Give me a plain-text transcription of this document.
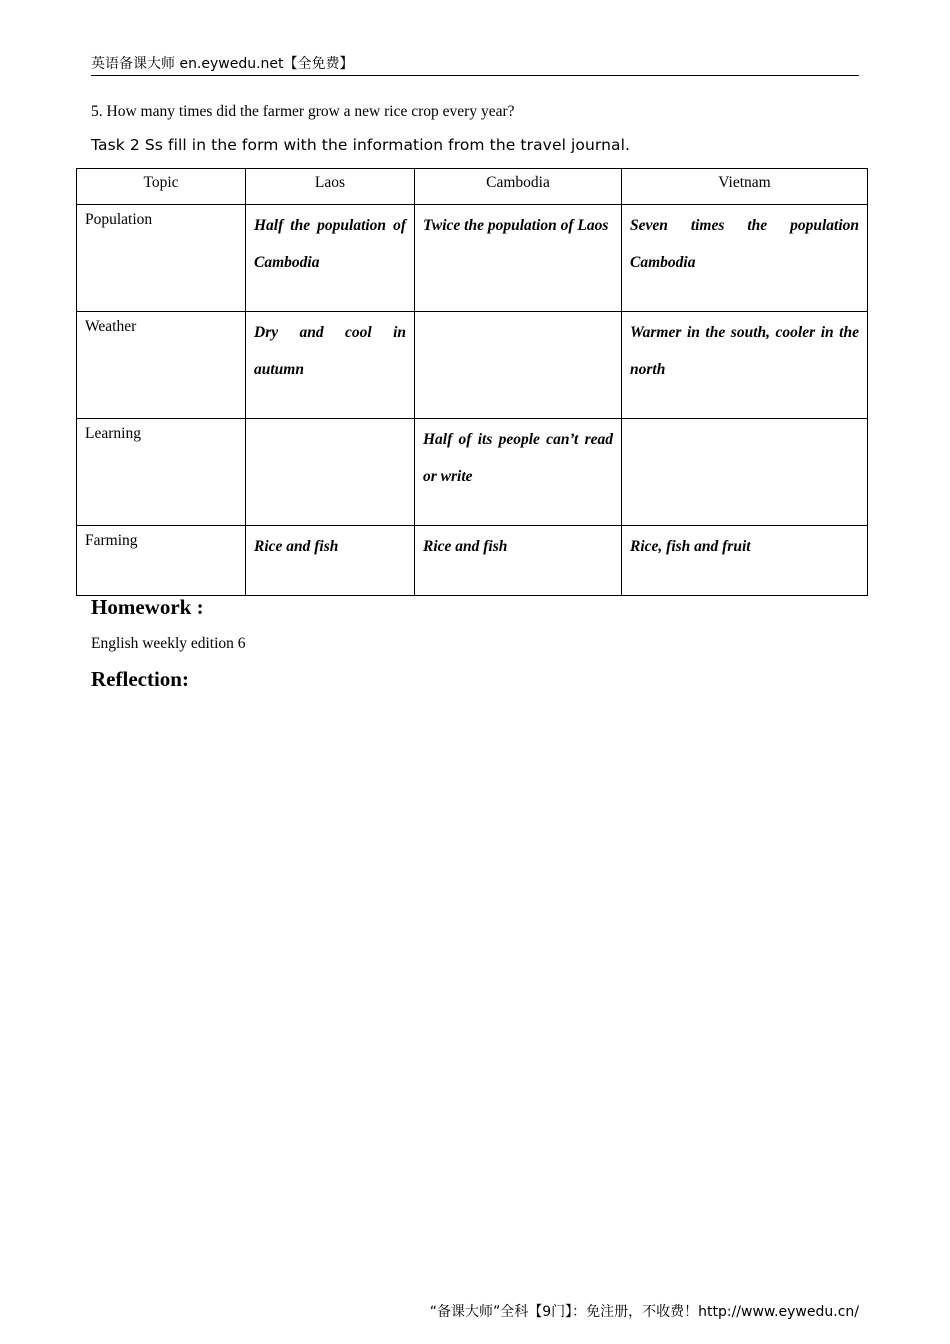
英语备课大师 en.eywedu.net【全免费】
5. How many times did the farmer grow a new rice crop every year?
Task 2 Ss fill in the form with the information from the travel journal.
Topic	Laos	Cambodia	Vietnam
Population	Half the population of Cambodia	Twice the population of Laos	Seven times the population Cambodia
Weather	Dry and cool in autumn		Warmer in the south, cooler in the north
Learning		Half of its people can’t read or write	
Farming	Rice and fish	Rice and fish	Rice, fish and fruit
Homework :
English weekly edition 6
Reflection:
“备课大师”全科【9门】：免注册，不收费！http://www.eywedu.cn/
